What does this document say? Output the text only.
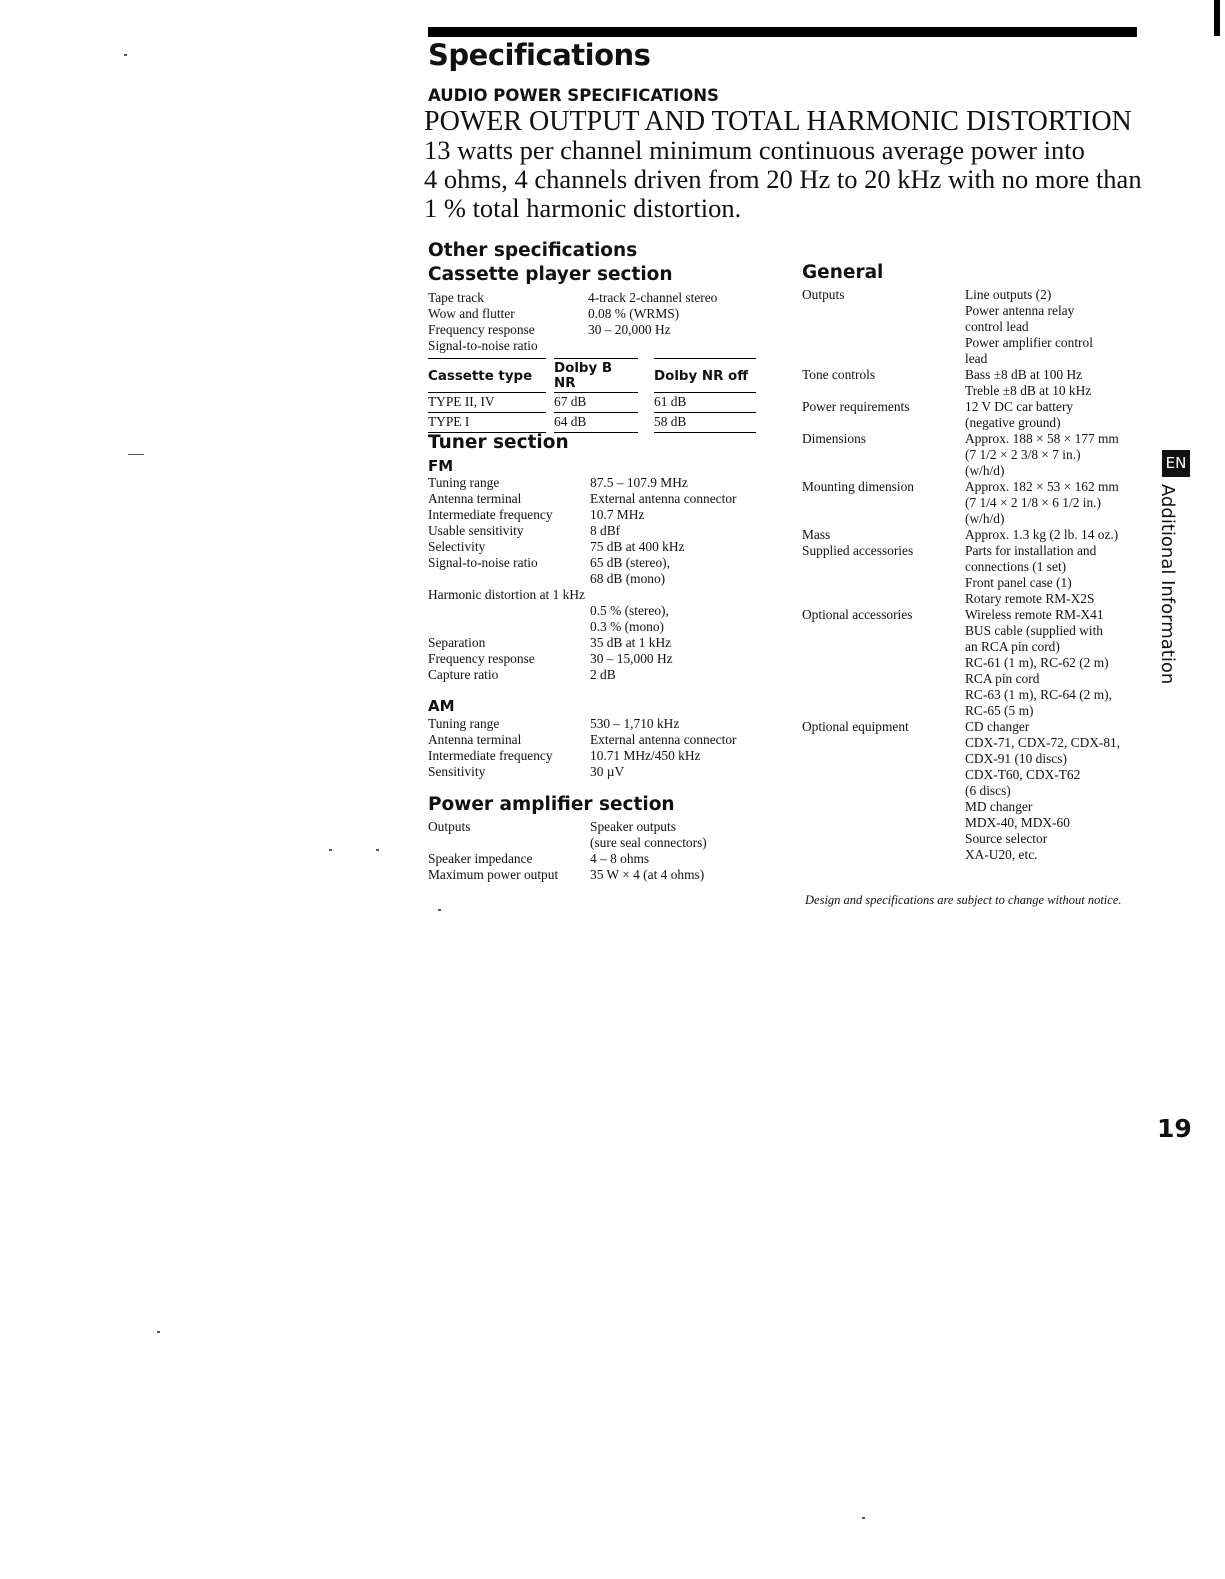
Specifications
AUDIO POWER SPECIFICATIONS
POWER OUTPUT AND TOTAL HARMONIC DISTORTION
13 watts per channel minimum continuous average power into
4 ohms, 4 channels driven from 20 Hz to 20 kHz with no more than
1 % total harmonic distortion.
Other specifications
Cassette player section
Tape track	4-track 2-channel stereo
Wow and flutter	0.08 % (WRMS)
Frequency response	30 – 20,000 Hz
Signal-to-noise ratio
Cassette type		Dolby B NR		Dolby NR off
TYPE II, IV		67 dB		61 dB
TYPE I		64 dB		58 dB
Tuner section
FM
Tuning range	87.5 – 107.9 MHz
Antenna terminal	External antenna connector
Intermediate frequency	10.7 MHz
Usable sensitivity	8 dBf
Selectivity	75 dB at 400 kHz
Signal-to-noise ratio	65 dB (stereo),
68 dB (mono)
Harmonic distortion at 1 kHz
0.5 % (stereo),
0.3 % (mono)
Separation	35 dB at 1 kHz
Frequency response	30 – 15,000 Hz
Capture ratio	2 dB
AM
Tuning range	530 – 1,710 kHz
Antenna terminal	External antenna connector
Intermediate frequency	10.71 MHz/450 kHz
Sensitivity	30 µV
Power amplifier section
Outputs	Speaker outputs
(sure seal connectors)
Speaker impedance	4 – 8 ohms
Maximum power output 35 W × 4 (at 4 ohms)
General
Outputs	Line outputs (2)
Power antenna relay
control lead
Power amplifier control
lead
Tone controls	Bass ±8 dB at 100 Hz
Treble ±8 dB at 10 kHz
Power requirements	12 V DC car battery
(negative ground)
Dimensions	Approx. 188 × 58 × 177 mm
(7 1/2 × 2 3/8 × 7 in.)
(w/h/d)
Mounting dimension	Approx. 182 × 53 × 162 mm
(7 1/4 × 2 1/8 × 6 1/2 in.)
(w/h/d)
Mass	Approx. 1.3 kg (2 lb. 14 oz.)
Supplied accessories	Parts for installation and
connections (1 set)
Front panel case (1)
Rotary remote RM-X2S
Optional accessories	Wireless remote RM-X41
BUS cable (supplied with
an RCA pin cord)
RC-61 (1 m), RC-62 (2 m)
RCA pin cord
RC-63 (1 m), RC-64 (2 m),
RC-65 (5 m)
Optional equipment	CD changer
CDX-71, CDX-72, CDX-81,
CDX-91 (10 discs)
CDX-T60, CDX-T62
(6 discs)
MD changer
MDX-40, MDX-60
Source selector
XA-U20, etc.
Design and specifications are subject to change without notice.
EN
Additional Information
19
